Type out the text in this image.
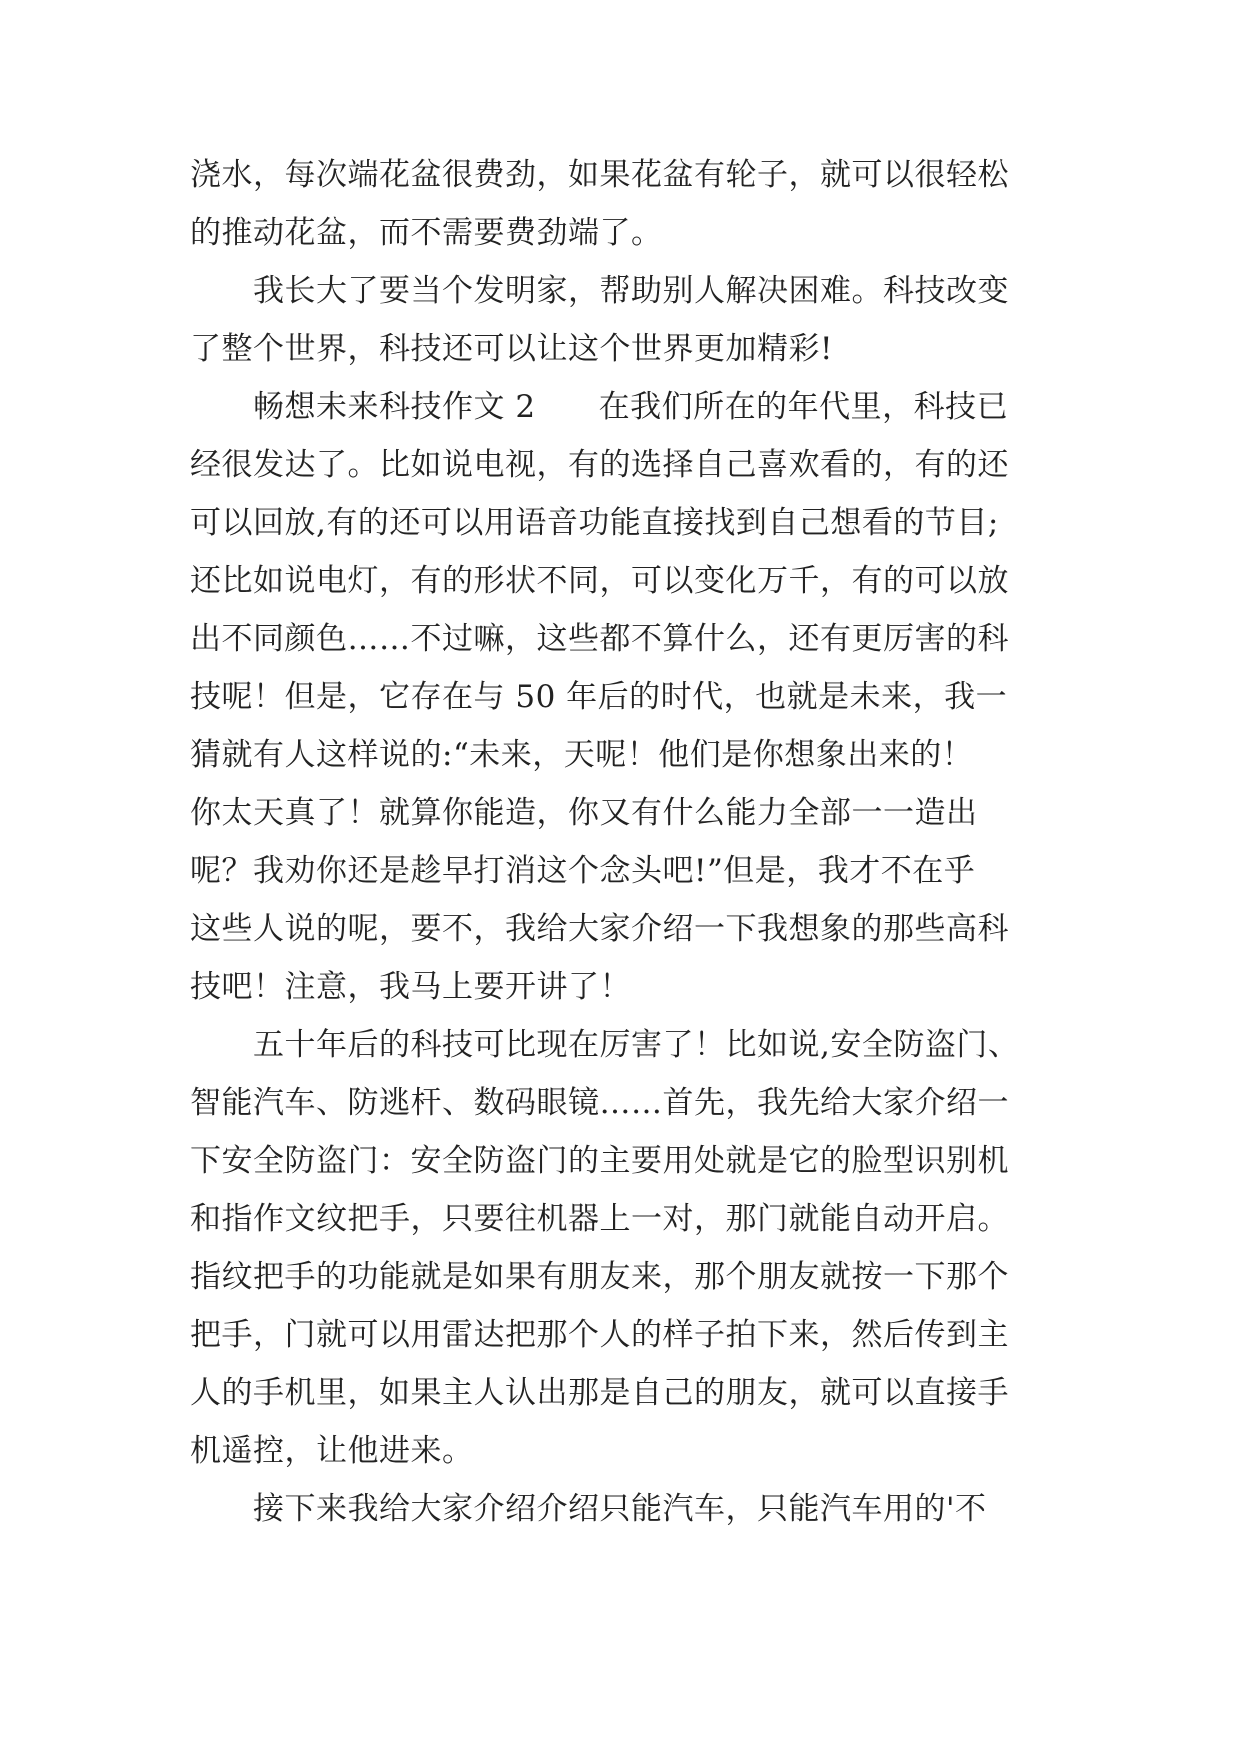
浇水，每次端花盆很费劲，如果花盆有轮子，就可以很轻松
的推动花盆，而不需要费劲端了。
　　我长大了要当个发明家，帮助别人解决困难。科技改变
了整个世界，科技还可以让这个世界更加精彩!
　　畅想未来科技作文 2　　在我们所在的年代里，科技已
经很发达了。比如说电视，有的选择自己喜欢看的，有的还
可以回放,有的还可以用语音功能直接找到自己想看的节目;
还比如说电灯，有的形状不同，可以变化万千，有的可以放
出不同颜色……不过嘛，这些都不算什么，还有更厉害的科
技呢！但是，它存在与 50 年后的时代，也就是未来，我一
猜就有人这样说的:“未来，天呢！他们是你想象出来的！
你太天真了！就算你能造，你又有什么能力全部一一造出
呢？我劝你还是趁早打消这个念头吧!”但是，我才不在乎
这些人说的呢，要不，我给大家介绍一下我想象的那些高科
技吧！注意，我马上要开讲了！
　　五十年后的科技可比现在厉害了！比如说,安全防盗门、
智能汽车、防逃杆、数码眼镜……首先，我先给大家介绍一
下安全防盗门：安全防盗门的主要用处就是它的脸型识别机
和指作文纹把手，只要往机器上一对，那门就能自动开启。
指纹把手的功能就是如果有朋友来，那个朋友就按一下那个
把手，门就可以用雷达把那个人的样子拍下来，然后传到主
人的手机里，如果主人认出那是自己的朋友，就可以直接手
机遥控，让他进来。
　　接下来我给大家介绍介绍只能汽车，只能汽车用的'不
